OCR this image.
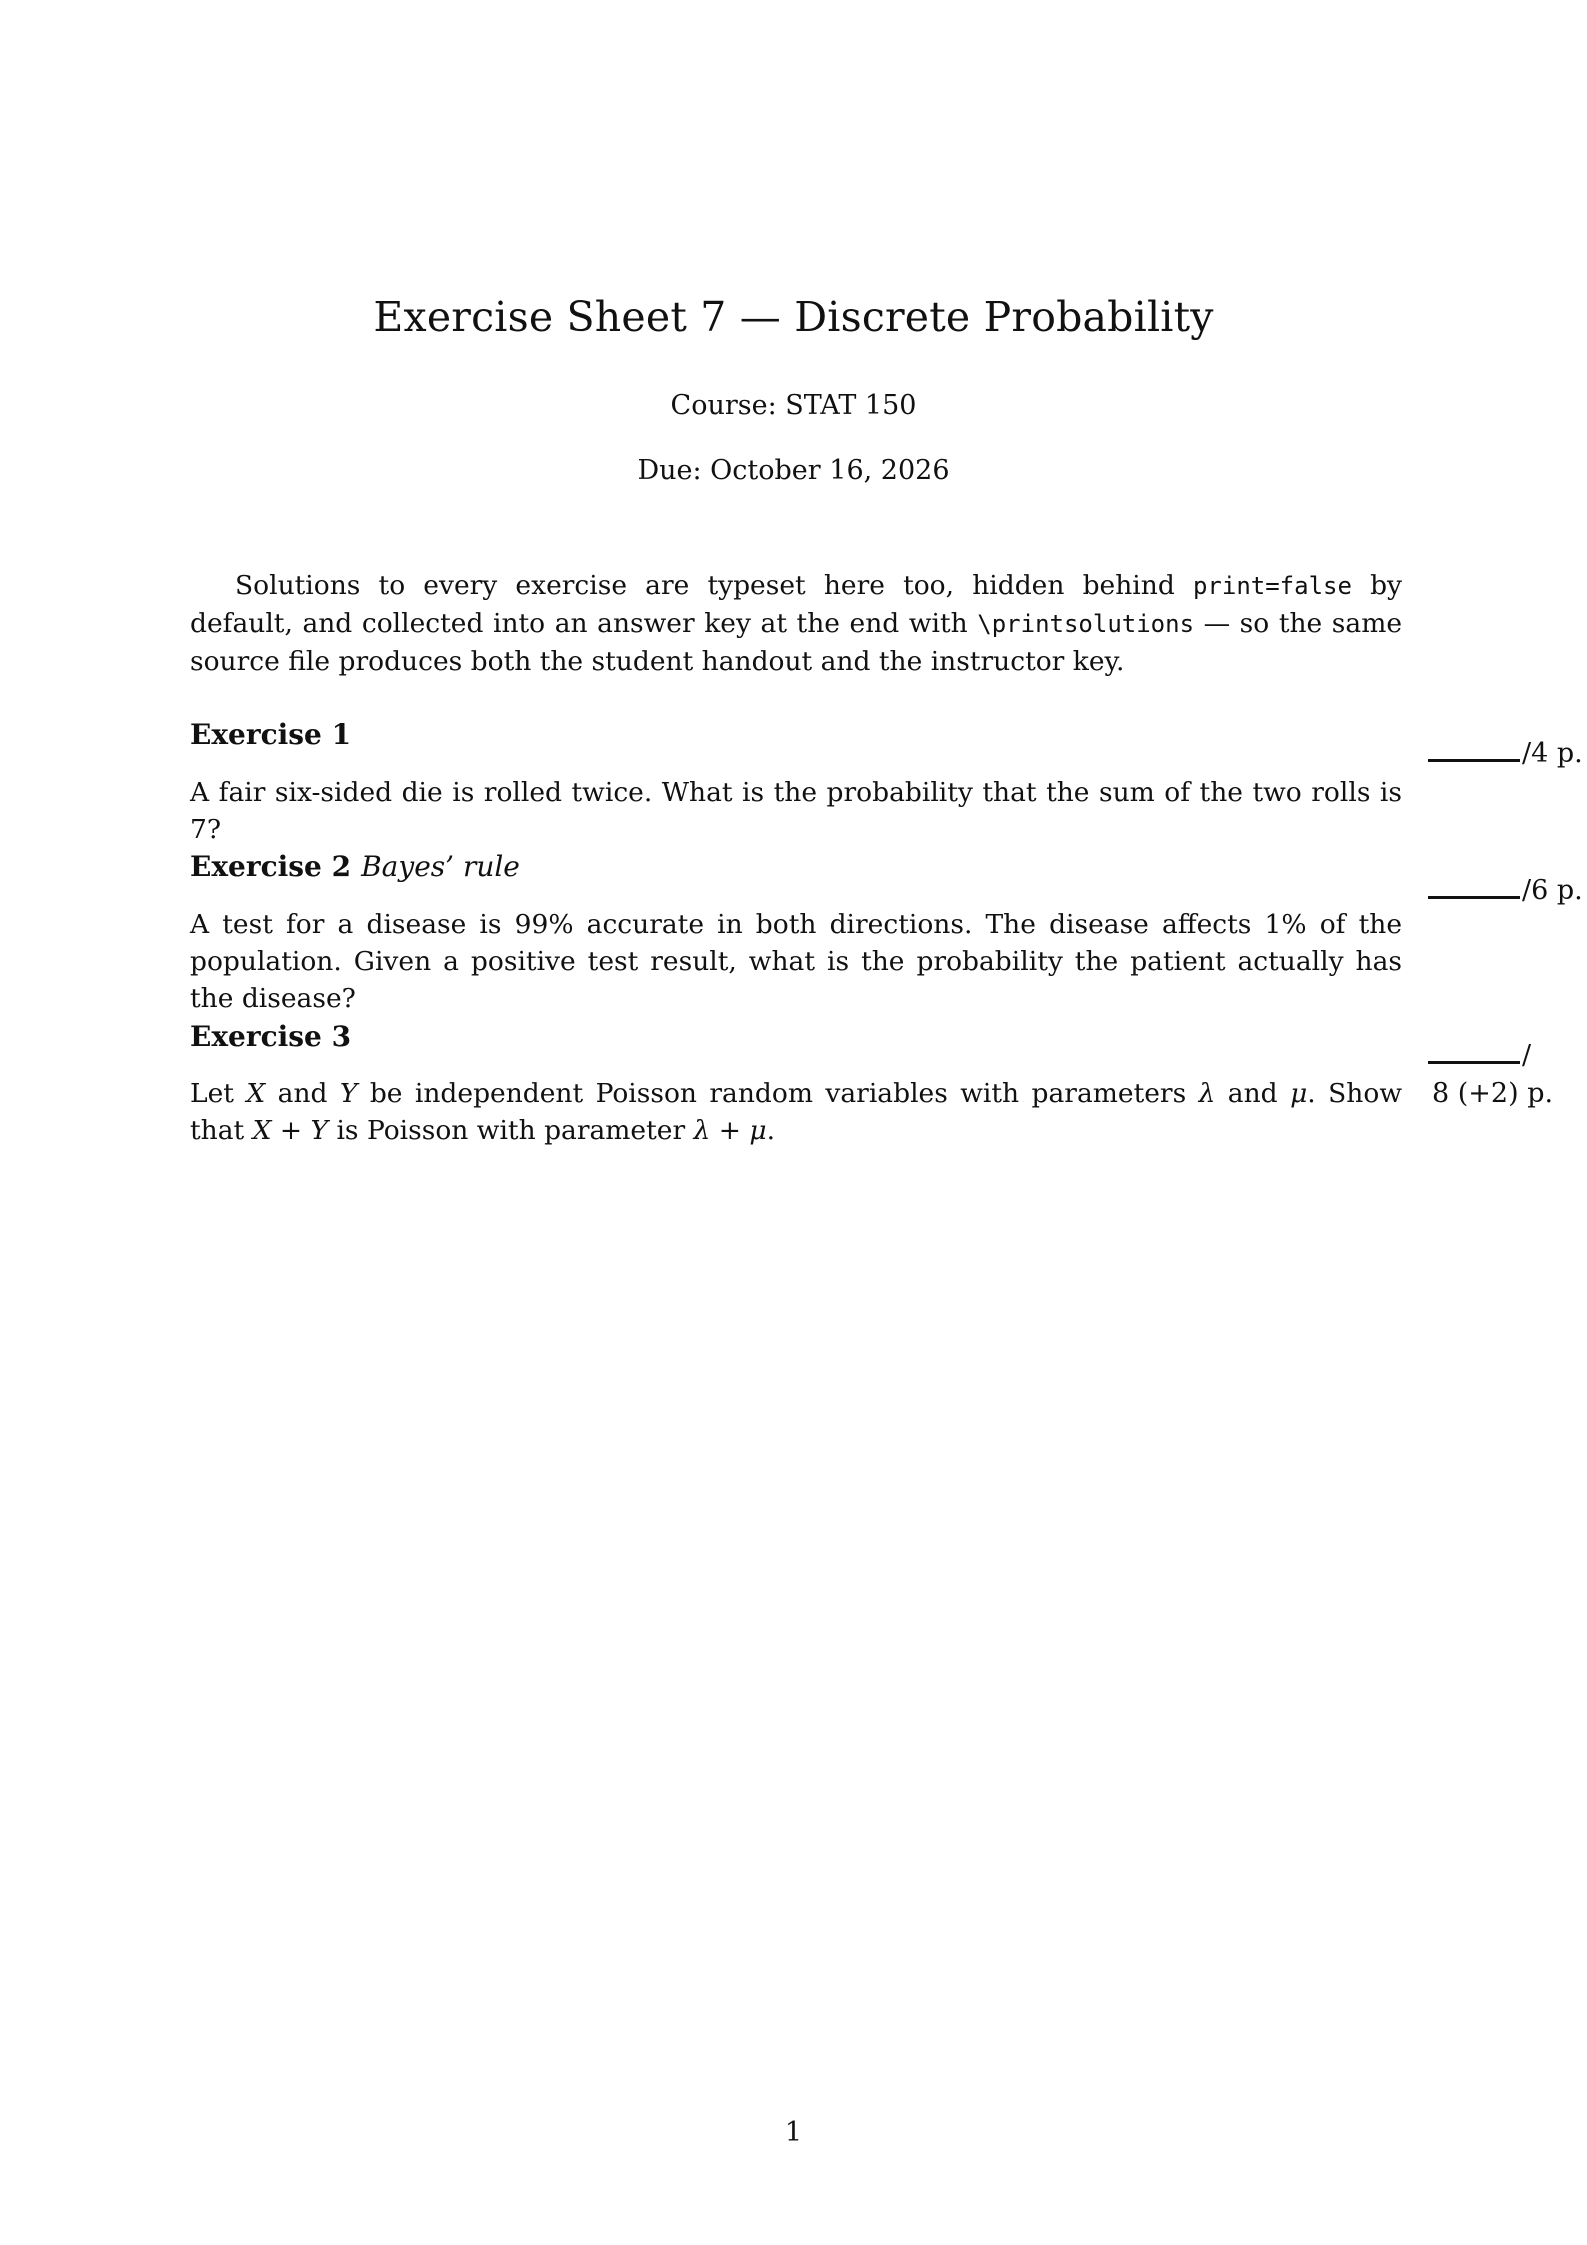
Exercise Sheet 7 — Discrete Probability
Course: STAT 150
Due: October 16, 2026

Solutions to every exercise are typeset here too, hidden behind print=false by default, and collected into an answer key at the end with \printsolutions — so the same source file produces both the student handout and the instructor key.

Exercise 1
/4 p.

A fair six-sided die is rolled twice. What is the probability that the sum of the two rolls is 7?

Exercise 2 Bayes’ rule
/6 p.

A test for a disease is 99% accurate in both directions. The disease affects 1% of the population. Given a positive test result, what is the probability the patient actually has the disease?

Exercise 3
/
8 (+2) p.

Let X and Y be independent Poisson random variables with parameters λ and μ. Show that X + Y is Poisson with parameter λ + μ.

1
